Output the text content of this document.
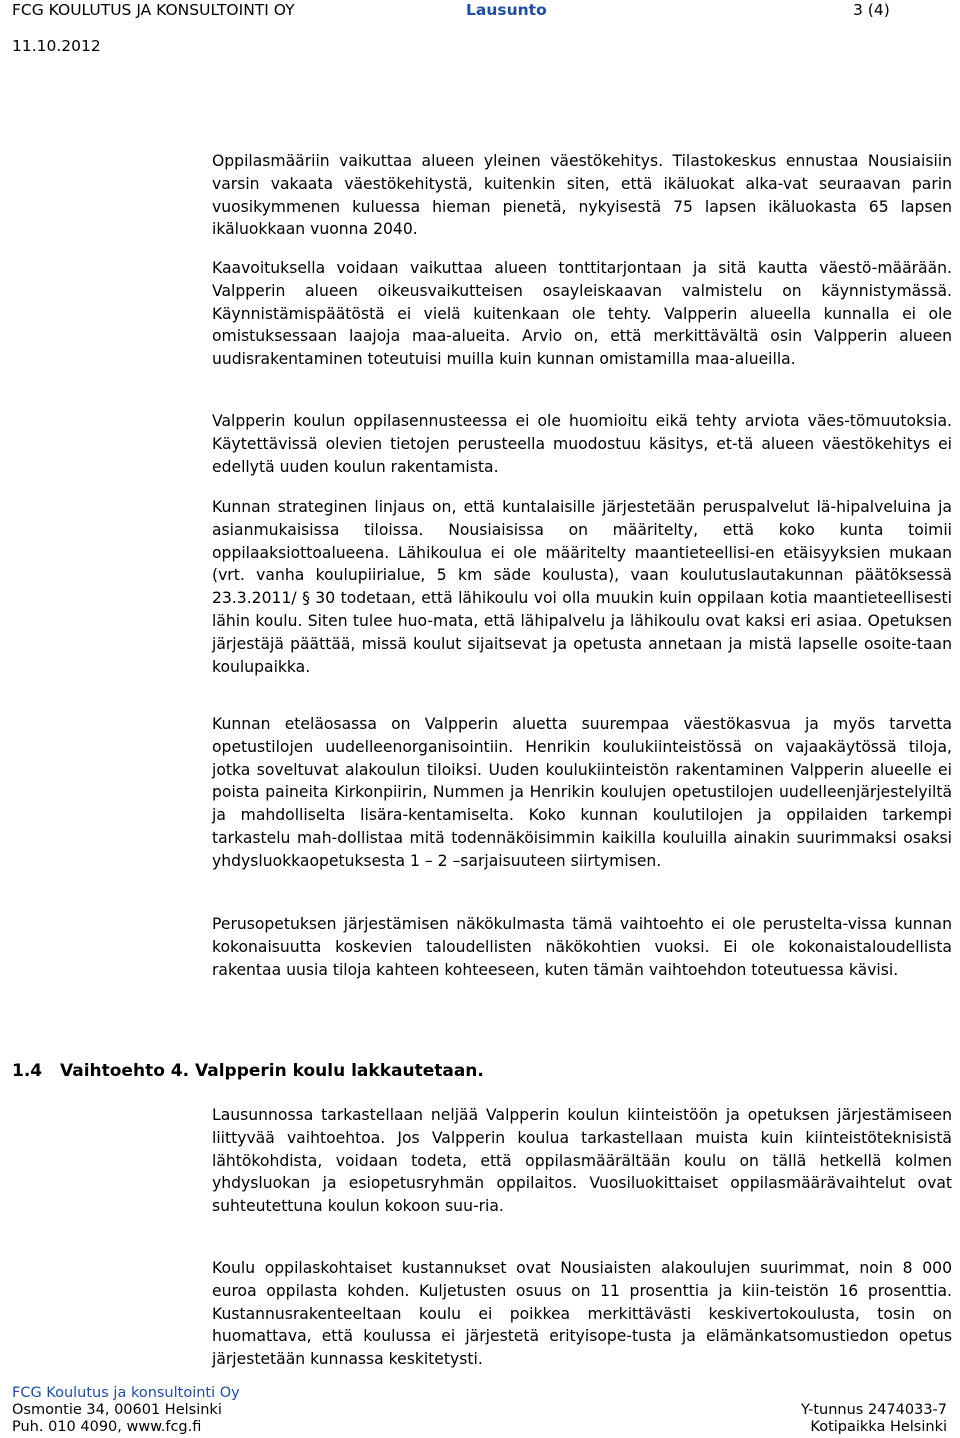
FCG KOULUTUS JA KONSULTOINTI OY	Lausunto	3 (4)
11.10.2012

Oppilasmääriin vaikuttaa alueen yleinen väestökehitys. Tilastokeskus ennustaa Nousiaisiin varsin vakaata väestökehitystä, kuitenkin siten, että ikäluokat alka-vat seuraavan parin vuosikymmenen kuluessa hieman pienetä, nykyisestä 75 lapsen ikäluokasta 65 lapsen ikäluokkaan vuonna 2040.

Kaavoituksella voidaan vaikuttaa alueen tonttitarjontaan ja sitä kautta väestö-määrään. Valpperin alueen oikeusvaikutteisen osayleiskaavan valmistelu on käynnistymässä. Käynnistämispäätöstä ei vielä kuitenkaan ole tehty. Valpperin alueella kunnalla ei ole omistuksessaan laajoja maa-alueita. Arvio on, että merkittävältä osin Valpperin alueen uudisrakentaminen toteutuisi muilla kuin kunnan omistamilla maa-alueilla.

Valpperin koulun oppilasennusteessa ei ole huomioitu eikä tehty arviota väes-tömuutoksia. Käytettävissä olevien tietojen perusteella muodostuu käsitys, et-tä alueen väestökehitys ei edellytä uuden koulun rakentamista.

Kunnan strateginen linjaus on, että kuntalaisille järjestetään peruspalvelut lä-hipalveluina ja asianmukaisissa tiloissa. Nousiaisissa on määritelty, että koko kunta toimii oppilaaksiottoalueena. Lähikoulua ei ole määritelty maantieteellisi-en etäisyyksien mukaan (vrt. vanha koulupiirialue, 5 km säde koulusta), vaan koulutuslautakunnan päätöksessä 23.3.2011/ § 30 todetaan, että lähikoulu voi olla muukin kuin oppilaan kotia maantieteellisesti lähin koulu. Siten tulee huo-mata, että lähipalvelu ja lähikoulu ovat kaksi eri asiaa. Opetuksen järjestäjä päättää, missä koulut sijaitsevat ja opetusta annetaan ja mistä lapselle osoite-taan koulupaikka.

Kunnan eteläosassa on Valpperin aluetta suurempaa väestökasvua ja myös tarvetta opetustilojen uudelleenorganisointiin. Henrikin koulukiinteistössä on vajaakäytössä tiloja, jotka soveltuvat alakoulun tiloiksi. Uuden koulukiinteistön rakentaminen Valpperin alueelle ei poista paineita Kirkonpiirin, Nummen ja Henrikin koulujen opetustilojen uudelleenjärjestelyiltä ja mahdolliselta lisära-kentamiselta. Koko kunnan koulutilojen ja oppilaiden tarkempi tarkastelu mah-dollistaa mitä todennäköisimmin kaikilla kouluilla ainakin suurimmaksi osaksi yhdysluokkaopetuksesta 1 – 2 –sarjaisuuteen siirtymisen.

Perusopetuksen järjestämisen näkökulmasta tämä vaihtoehto ei ole perustelta-vissa kunnan kokonaisuutta koskevien taloudellisten näkökohtien vuoksi. Ei ole kokonaistaloudellista rakentaa uusia tiloja kahteen kohteeseen, kuten tämän vaihtoehdon toteutuessa kävisi.

1.4 Vaihtoehto 4. Valpperin koulu lakkautetaan.

Lausunnossa tarkastellaan neljää Valpperin koulun kiinteistöön ja opetuksen järjestämiseen liittyvää vaihtoehtoa. Jos Valpperin koulua tarkastellaan muista kuin kiinteistöteknisistä lähtökohdista, voidaan todeta, että oppilasmäärältään koulu on tällä hetkellä kolmen yhdysluokan ja esiopetusryhmän oppilaitos. Vuosiluokittaiset oppilasmäärävaihtelut ovat suhteutettuna koulun kokoon suu-ria.

Koulu oppilaskohtaiset kustannukset ovat Nousiaisten alakoulujen suurimmat, noin 8 000 euroa oppilasta kohden. Kuljetusten osuus on 11 prosenttia ja kiin-teistön 16 prosenttia. Kustannusrakenteeltaan koulu ei poikkea merkittävästi keskivertokoulusta, tosin on huomattava, että koulussa ei järjestetä erityisope-tusta ja elämänkatsomustiedon opetus järjestetään kunnassa keskitetysti.

FCG Koulutus ja konsultointi Oy
Osmontie 34, 00601 Helsinki
Puh. 010 4090, www.fcg.fi

Y-tunnus 2474033-7
Kotipaikka Helsinki
